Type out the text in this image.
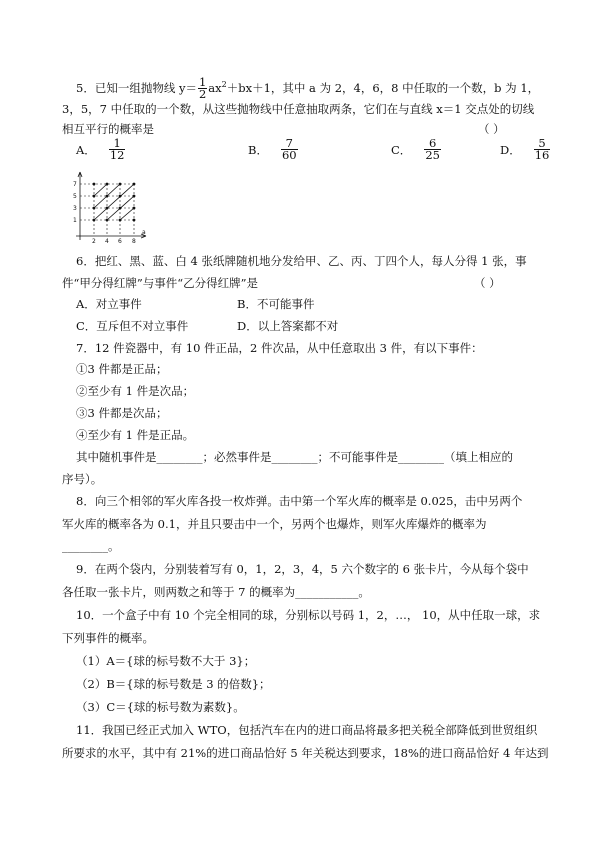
5．已知一组抛物线 $y= \frac{1}{2} ax^2+bx+1$，其中 a 为 2，4，6，8 中任取的一个数，b 为 1，
3，5，7 中任取的一个数，从这些抛物线中任意抽取两条，它们在与直线 x＝1 交点处的切线
相互平行的概率是	（ ）
A． $\frac{1}{12}$	B． $\frac{7}{60}$	C． $\frac{6}{25}$	D． $\frac{5}{16}$
7
5
3
1
2 4 6 8
a
6．把红、黑、蓝、白 4 张纸牌随机地分发给甲、乙、丙、丁四个人，每人分得 1 张，事
件“甲分得红牌”与事件“乙分得红牌”是	（ ）
A．对立事件	B．不可能事件
C．互斥但不对立事件	D．以上答案都不对
7．12 件瓷器中，有 10 件正品，2 件次品，从中任意取出 3 件，有以下事件：
①3 件都是正品；
②至少有 1 件是次品；
③3 件都是次品；
④至少有 1 件是正品。
其中随机事件是________；必然事件是________；不可能事件是________（填上相应的
序号）。
8．向三个相邻的军火库各投一枚炸弹。击中第一个军火库的概率是 0.025，击中另两个
军火库的概率各为 0.1，并且只要击中一个，另两个也爆炸，则军火库爆炸的概率为
________。
9．在两个袋内，分别装着写有 0，1，2，3，4，5 六个数字的 6 张卡片，今从每个袋中
各任取一张卡片，则两数之和等于 7 的概率为___________。
10．一个盒子中有 10 个完全相同的球，分别标以号码 1，2，…， 10，从中任取一球，求
下列事件的概率。
（1）A＝{球的标号数不大于 3}；
（2）B＝{球的标号数是 3 的倍数}；
（3）C＝{球的标号数为素数}。
11．我国已经正式加入 WTO，包括汽车在内的进口商品将最多把关税全部降低到世贸组织
所要求的水平，其中有 21%的进口商品恰好 5 年关税达到要求，18%的进口商品恰好 4 年达到
